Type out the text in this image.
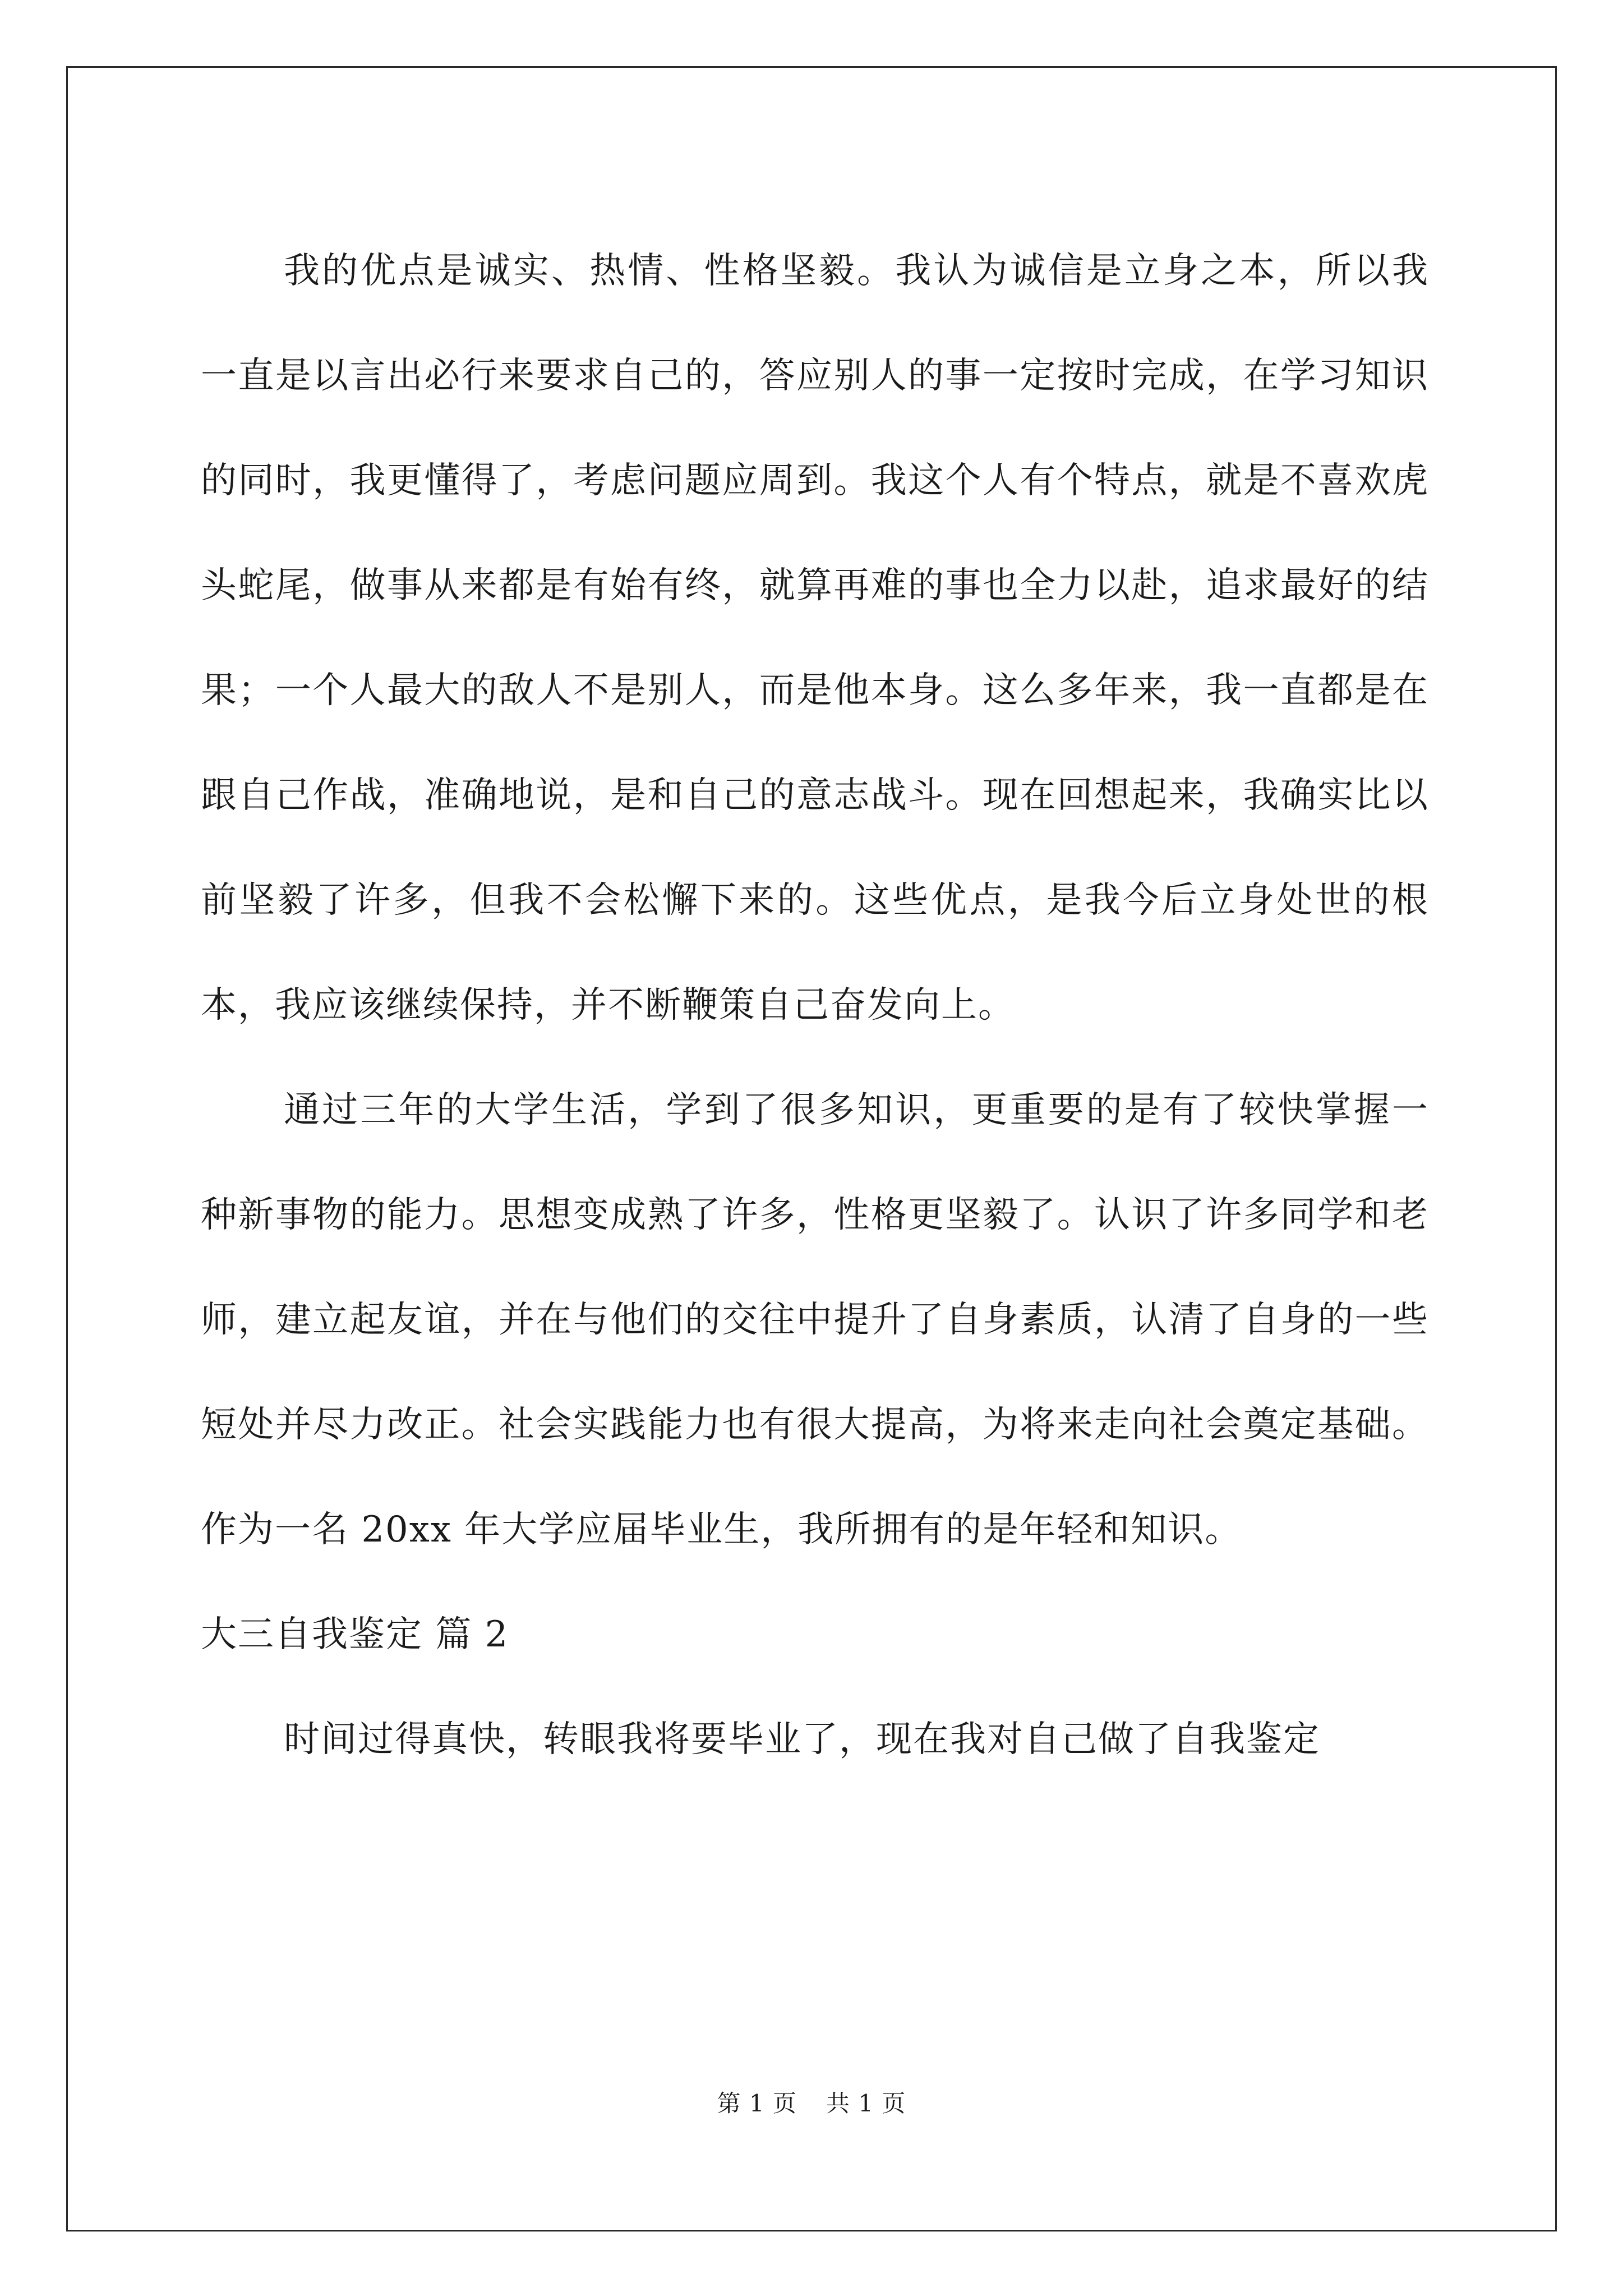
我的优点是诚实、热情、性格坚毅。我认为诚信是立身之本，所以我一直是以言出必行来要求自己的，答应别人的事一定按时完成，在学习知识的同时，我更懂得了，考虑问题应周到。我这个人有个特点，就是不喜欢虎头蛇尾，做事从来都是有始有终，就算再难的事也全力以赴，追求最好的结果；一个人最大的敌人不是别人，而是他本身。这么多年来，我一直都是在跟自己作战，准确地说，是和自己的意志战斗。现在回想起来，我确实比以前坚毅了许多，但我不会松懈下来的。这些优点，是我今后立身处世的根本，我应该继续保持，并不断鞭策自己奋发向上。

通过三年的大学生活，学到了很多知识，更重要的是有了较快掌握一种新事物的能力。思想变成熟了许多，性格更坚毅了。认识了许多同学和老师，建立起友谊，并在与他们的交往中提升了自身素质，认清了自身的一些短处并尽力改正。社会实践能力也有很大提高，为将来走向社会奠定基础。作为一名 20xx 年大学应届毕业生，我所拥有的是年轻和知识。

大三自我鉴定 篇 2

时间过得真快，转眼我将要毕业了，现在我对自己做了自我鉴定

第 1 页 共 1 页
